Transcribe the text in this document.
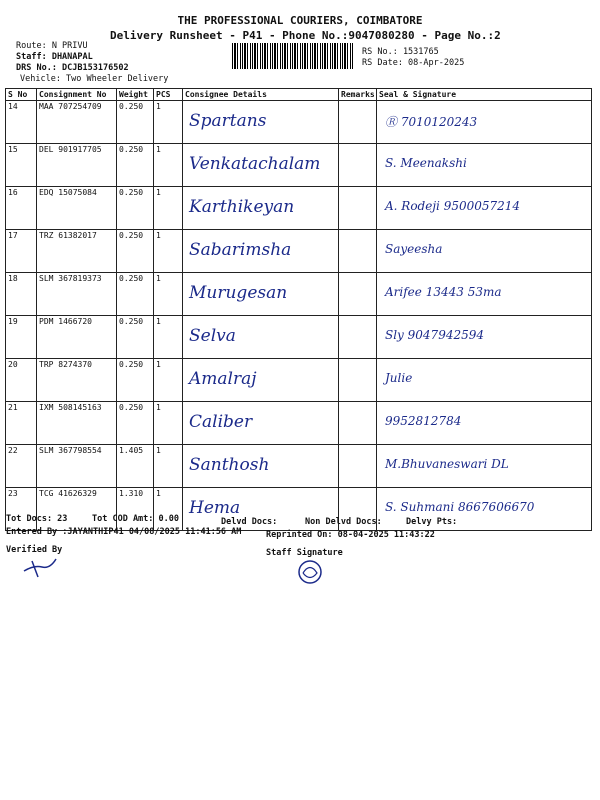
THE PROFESSIONAL COURIERS, COIMBATORE
Delivery Runsheet - P41 - Phone No.:9047080280 - Page No.:2
Route: N PRIVU
Staff: DHANAPAL
DRS No.: DCJB153176502
Vehicle: Two Wheeler Delivery
RS No.: 1531765
RS Date: 08-Apr-2025
S No	Consignment No	Weight	PCS	Consignee Details	Remarks	Seal & Signature
14	MAA 707254709	0.250	1	Spartans		Ⓡ 7010120243

15	DEL 901917705	0.250	1	Venkatachalam		S. Meenakshi

16	EDQ 15075084	0.250	1	Karthikeyan		A. Rodeji 9500057214

17	TRZ 61382017	0.250	1	Sabarimsha		Sayeesha

18	SLM 367819373	0.250	1	Murugesan		Arifee 13443 53ma

19	PDM 1466720	0.250	1	Selva		Sly 9047942594

20	TRP 8274370	0.250	1	Amalraj		Julie

21	IXM 508145163	0.250	1	Caliber		9952812784

22	SLM 367798554	1.405	1	Santhosh		M.Bhuvaneswari DL

23	TCG 41626329	1.310	1	Hema		S. Suhmani 8667606670
Tot Docs: 23	Tot COD Amt: 0.00	Delvd Docs:	Non Delvd Docs:	Delvy Pts:
Entered By :JAYANTHIP41 04/08/2025 11:41:56 AM	Reprinted On: 08-04-2025 11:43:22
Verified By	Staff Signature
